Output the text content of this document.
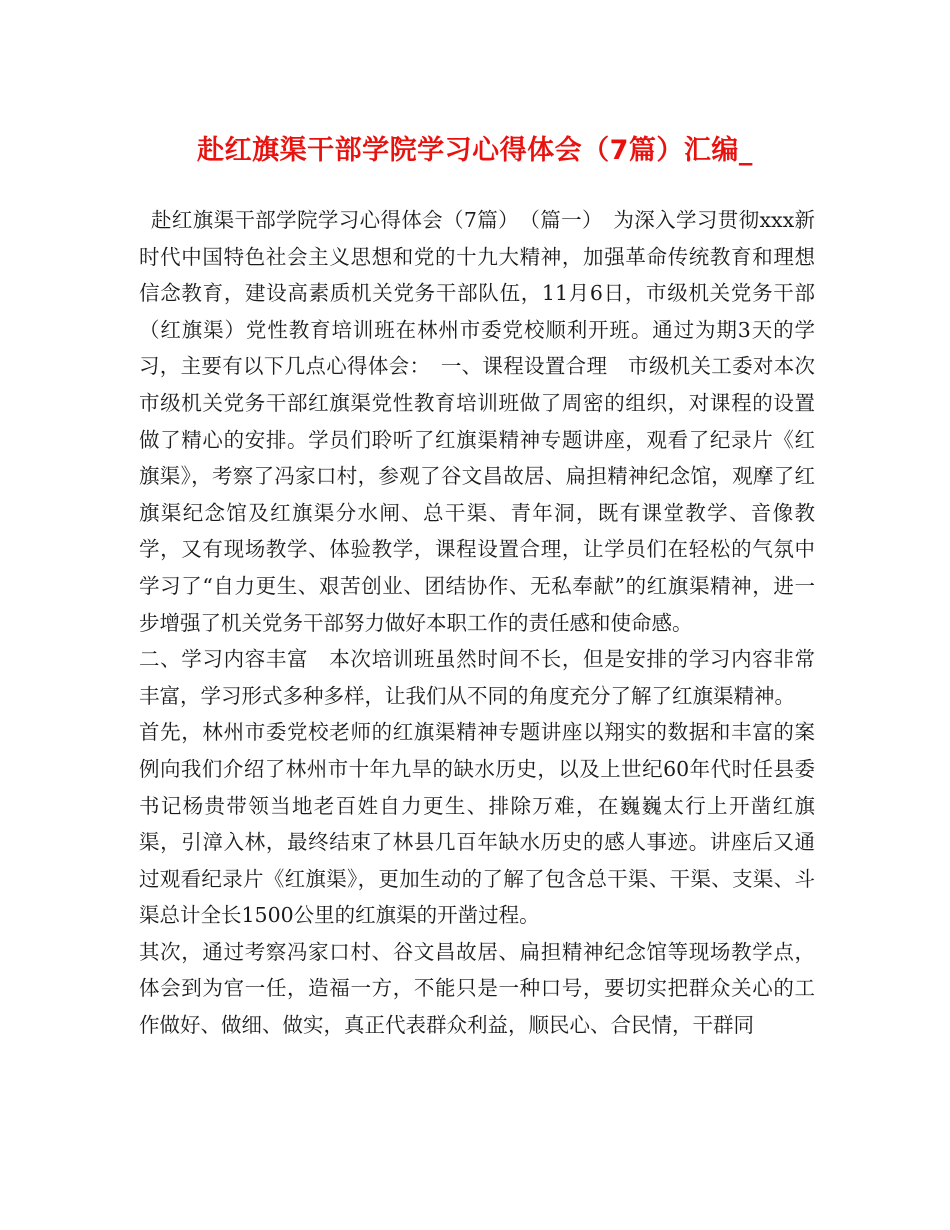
赴红旗渠干部学院学习心得体会（7篇）汇编_

赴红旗渠干部学院学习心得体会（7篇）　（篇一）　为深入学习贯彻xxx新时代中国特色社会主义思想和党的十九大精神，加强革命传统教育和理想信念教育，建设高素质机关党务干部队伍，11月6日，市级机关党务干部（红旗渠）党性教育培训班在林州市委党校顺利开班。通过为期3天的学习，主要有以下几点心得体会：　一、课程设置合理　市级机关工委对本次市级机关党务干部红旗渠党性教育培训班做了周密的组织，对课程的设置做了精心的安排。学员们聆听了红旗渠精神专题讲座，观看了纪录片《红旗渠》，考察了冯家口村，参观了谷文昌故居、扁担精神纪念馆，观摩了红旗渠纪念馆及红旗渠分水闸、总干渠、青年洞，既有课堂教学、音像教学，又有现场教学、体验教学，课程设置合理，让学员们在轻松的气氛中学习了“自力更生、艰苦创业、团结协作、无私奉献”的红旗渠精神，进一步增强了机关党务干部努力做好本职工作的责任感和使命感。

二、学习内容丰富　本次培训班虽然时间不长，但是安排的学习内容非常丰富，学习形式多种多样，让我们从不同的角度充分了解了红旗渠精神。

首先，林州市委党校老师的红旗渠精神专题讲座以翔实的数据和丰富的案例向我们介绍了林州市十年九旱的缺水历史，以及上世纪60年代时任县委书记杨贵带领当地老百姓自力更生、排除万难，在巍巍太行上开凿红旗渠，引漳入林，最终结束了林县几百年缺水历史的感人事迹。讲座后又通过观看纪录片《红旗渠》，更加生动的了解了包含总干渠、干渠、支渠、斗渠总计全长1500公里的红旗渠的开凿过程。

其次，通过考察冯家口村、谷文昌故居、扁担精神纪念馆等现场教学点，体会到为官一任，造福一方，不能只是一种口号，要切实把群众关心的工作做好、做细、做实，真正代表群众利益，顺民心、合民情，干群同
